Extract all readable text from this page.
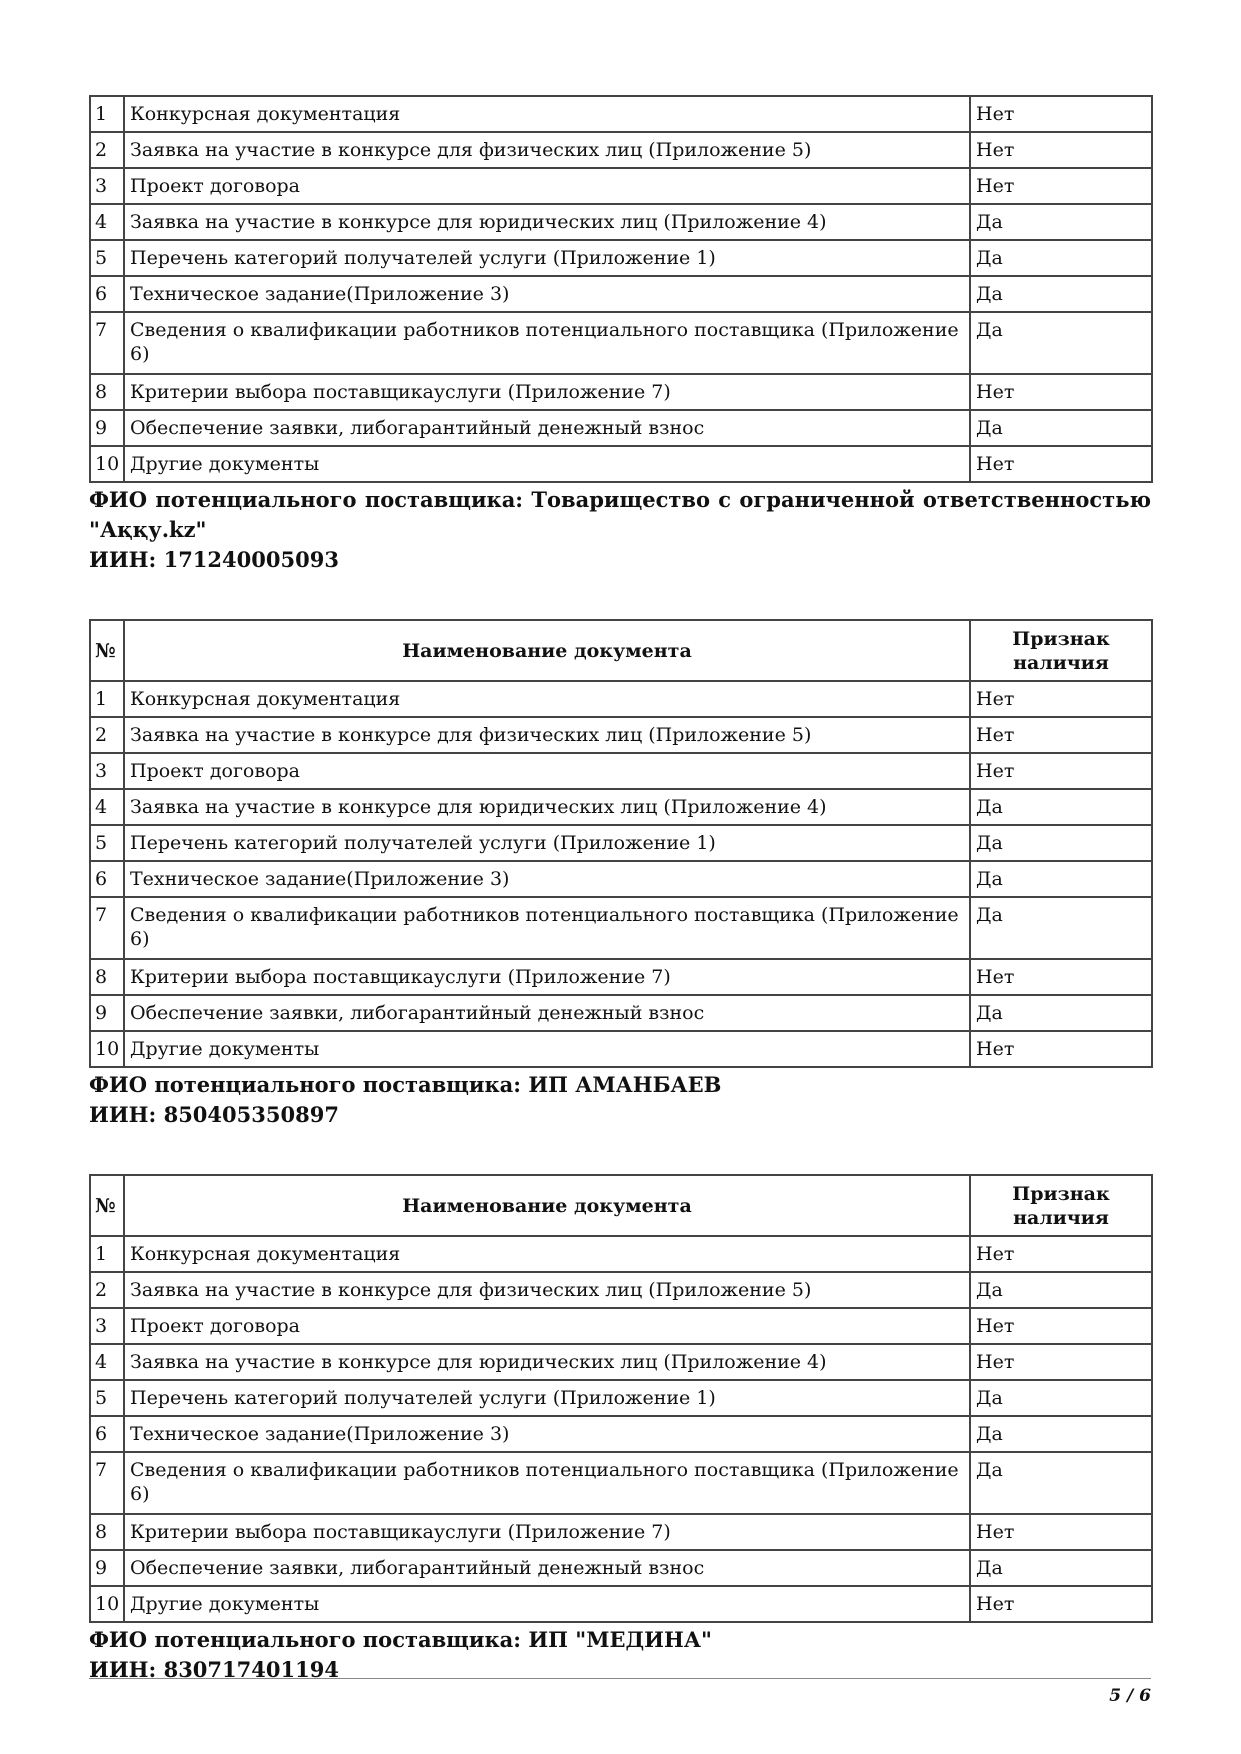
1	Конкурсная документация	Нет
2	Заявка на участие в конкурсе для физических лиц (Приложение 5)	Нет
3	Проект договора	Нет
4	Заявка на участие в конкурсе для юридических лиц (Приложение 4)	Да
5	Перечень категорий получателей услуги (Приложение 1)	Да
6	Техническое задание(Приложение 3)	Да
7	Сведения о квалификации работников потенциального поставщика (Приложение 6)	Да
8	Критерии выбора поставщикауслуги (Приложение 7)	Нет
9	Обеспечение заявки, либогарантийный денежный взнос	Да
10	Другие документы	Нет
ФИО потенциального поставщика: Товарищество с ограниченной ответственностью "Аққу.kz"
ИИН: 171240005093
№	Наименование документа	Признак наличия
1	Конкурсная документация	Нет
2	Заявка на участие в конкурсе для физических лиц (Приложение 5)	Нет
3	Проект договора	Нет
4	Заявка на участие в конкурсе для юридических лиц (Приложение 4)	Да
5	Перечень категорий получателей услуги (Приложение 1)	Да
6	Техническое задание(Приложение 3)	Да
7	Сведения о квалификации работников потенциального поставщика (Приложение 6)	Да
8	Критерии выбора поставщикауслуги (Приложение 7)	Нет
9	Обеспечение заявки, либогарантийный денежный взнос	Да
10	Другие документы	Нет
ФИО потенциального поставщика: ИП АМАНБАЕВ
ИИН: 850405350897
№	Наименование документа	Признак наличия
1	Конкурсная документация	Нет
2	Заявка на участие в конкурсе для физических лиц (Приложение 5)	Да
3	Проект договора	Нет
4	Заявка на участие в конкурсе для юридических лиц (Приложение 4)	Нет
5	Перечень категорий получателей услуги (Приложение 1)	Да
6	Техническое задание(Приложение 3)	Да
7	Сведения о квалификации работников потенциального поставщика (Приложение 6)	Да
8	Критерии выбора поставщикауслуги (Приложение 7)	Нет
9	Обеспечение заявки, либогарантийный денежный взнос	Да
10	Другие документы	Нет
ФИО потенциального поставщика: ИП "МЕДИНА"
ИИН: 830717401194
5 / 6
